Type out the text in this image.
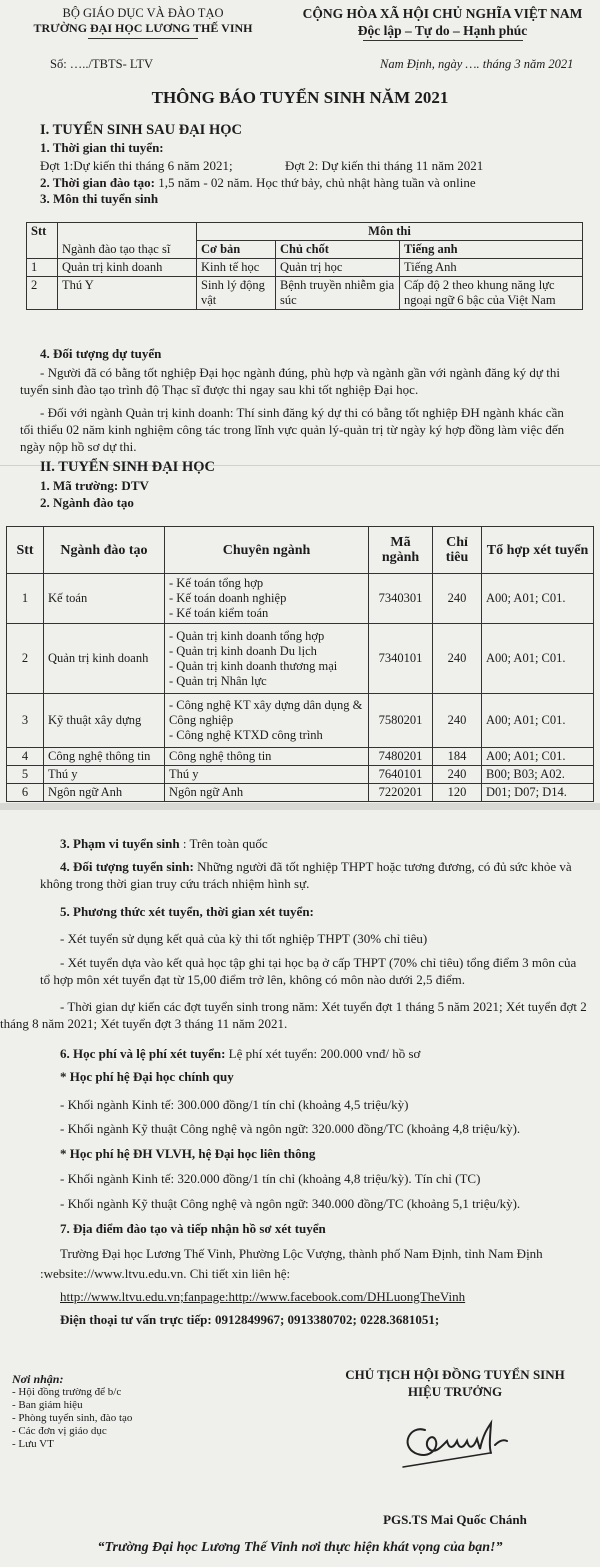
BỘ GIÁO DỤC VÀ ĐÀO TẠO
TRƯỜNG ĐẠI HỌC LƯƠNG THẾ VINH
CỘNG HÒA XÃ HỘI CHỦ NGHĨA VIỆT NAM
Độc lập – Tự do – Hạnh phúc
Số: …../TBTS- LTV	Nam Định, ngày …. tháng 3 năm 2021
THÔNG BÁO TUYỂN SINH NĂM 2021
I. TUYỂN SINH SAU ĐẠI HỌC
1. Thời gian thi tuyển:
Đợt 1:Dự kiến thi tháng 6 năm 2021;	Đợt 2: Dự kiến thi tháng 11 năm 2021
2. Thời gian đào tạo: 1,5 năm - 02 năm. Học thứ bảy, chủ nhật hàng tuần và online
3. Môn thi tuyển sinh
Stt	Ngành đào tạo thạc sĩ	Môn thi		
		Cơ bản	Chủ chốt	Tiếng anh
1	Quản trị kinh doanh	Kinh tế học	Quản trị học	Tiếng Anh
2	Thú Y	Sinh lý động vật	Bệnh truyền nhiễm gia súc	Cấp độ 2 theo khung năng lực ngoại ngữ 6 bậc của Việt Nam
4. Đối tượng dự tuyển
- Người đã có bằng tốt nghiệp Đại học ngành đúng, phù hợp và ngành gần với ngành đăng ký dự thi tuyển sinh đào tạo trình độ Thạc sĩ được thi ngay sau khi tốt nghiệp Đại học.
- Đối với ngành Quản trị kinh doanh: Thí sinh đăng ký dự thi có bằng tốt nghiệp ĐH ngành khác cần tối thiểu 02 năm kinh nghiệm công tác trong lĩnh vực quản lý-quản trị từ ngày ký hợp đồng làm việc đến ngày nộp hồ sơ dự thi.
II. TUYỂN SINH ĐẠI HỌC
1. Mã trường: DTV
2. Ngành đào tạo
Stt	Ngành đào tạo	Chuyên ngành	Mã ngành	Chỉ tiêu	Tổ hợp xét tuyển
1	Kế toán	- Kế toán tổng hợp
- Kế toán doanh nghiệp
- Kế toán kiểm toán	7340301	240	A00; A01; C01.
2	Quản trị kinh doanh	- Quản trị kinh doanh tổng hợp
- Quản trị kinh doanh Du lịch
- Quản trị kinh doanh thương mại
- Quản trị Nhân lực	7340101	240	A00; A01; C01.
3	Kỹ thuật xây dựng	- Công nghệ KT xây dựng dân dụng & Công nghiệp
- Công nghệ KTXD công trình	7580201	240	A00; A01; C01.
4	Công nghệ thông tin	Công nghệ thông tin	7480201	184	A00; A01; C01.
5	Thú y	Thú y	7640101	240	B00; B03; A02.
6	Ngôn ngữ Anh	Ngôn ngữ Anh	7220201	120	D01; D07; D14.
3. Phạm vi tuyển sinh : Trên toàn quốc
4. Đối tượng tuyển sinh: Những người đã tốt nghiệp THPT hoặc tương đương, có đủ sức khỏe và không trong thời gian truy cứu trách nhiệm hình sự.
5. Phương thức xét tuyển, thời gian xét tuyển:
- Xét tuyển sử dụng kết quả của kỳ thi tốt nghiệp THPT (30% chỉ tiêu)
- Xét tuyển dựa vào kết quả học tập ghi tại học bạ ở cấp THPT (70% chỉ tiêu) tổng điểm 3 môn của tổ hợp môn xét tuyển đạt từ 15,00 điểm trở lên, không có môn nào dưới 2,5 điểm.
- Thời gian dự kiến các đợt tuyển sinh trong năm: Xét tuyển đợt 1 tháng 5 năm 2021; Xét tuyển đợt 2 tháng 8 năm 2021; Xét tuyển đợt 3 tháng 11 năm 2021.
6. Học phí và lệ phí xét tuyển: Lệ phí xét tuyển: 200.000 vnđ/ hồ sơ
* Học phí hệ Đại học chính quy
- Khối ngành Kinh tế: 300.000 đồng/1 tín chỉ (khoảng 4,5 triệu/kỳ)
- Khối ngành Kỹ thuật Công nghệ và ngôn ngữ: 320.000 đồng/TC (khoảng 4,8 triệu/kỳ).
* Học phí hệ ĐH VLVH, hệ Đại học liên thông
- Khối ngành Kinh tế: 320.000 đồng/1 tín chỉ (khoảng 4,8 triệu/kỳ). Tín chỉ (TC)
- Khối ngành Kỹ thuật Công nghệ và ngôn ngữ: 340.000 đồng/TC (khoảng 5,1 triệu/kỳ).
7. Địa điểm đào tạo và tiếp nhận hồ sơ xét tuyển
Trường Đại học Lương Thế Vinh, Phường Lộc Vượng, thành phố Nam Định, tỉnh Nam Định
:website://www.ltvu.edu.vn. Chi tiết xin liên hệ:
http://www.ltvu.edu.vn;fanpage:http://www.facebook.com/DHLuongTheVinh
Điện thoại tư vấn trực tiếp: 0912849967; 0913380702; 0228.3681051;
Nơi nhận:
- Hội đồng trường để b/c
- Ban giám hiệu
- Phòng tuyển sinh, đào tạo
- Các đơn vị giáo dục
- Lưu VT
CHỦ TỊCH HỘI ĐỒNG TUYỂN SINH
HIỆU TRƯỞNG
PGS.TS Mai Quốc Chánh
“Trường Đại học Lương Thế Vinh nơi thực hiện khát vọng của bạn!”
